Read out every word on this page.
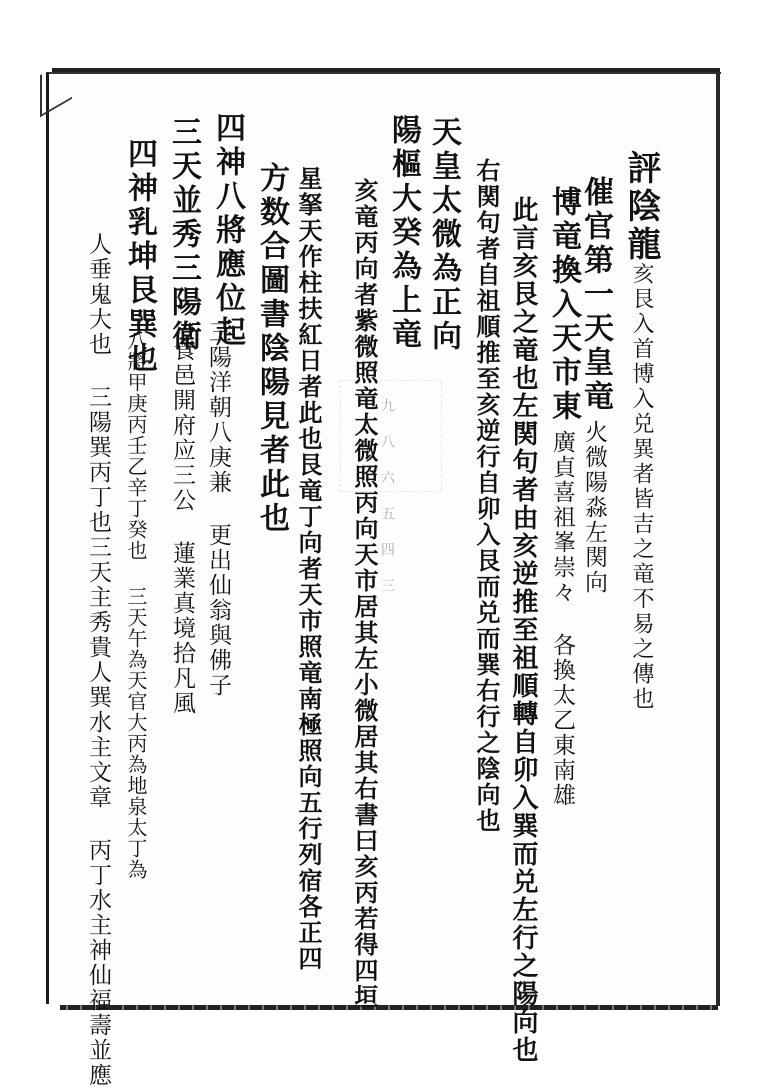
評陰龍
亥艮入首博入兑異者皆吉之竜不易之傳也
催官第一天皇竜
火微陽淼左関向
博竜換入天市東
廣貞喜祖峯崇々 各換太乙東南雄
此言亥艮之竜也左関句者由亥逆推至祖順轉自卯入巽而兑左行之陽向也
右関句者自祖順推至亥逆行自卯入艮而兑而巽右行之陰向也
天皇太微為正向
陽樞大癸為上竜
亥竜丙向者紫微照竜太微照丙向天市居其左小微居其右書曰亥丙若得四垣
星拏天作柱扶紅日者此也艮竜丁向者天市照竜南極照向五行列宿各正四
方数合圖書陰陽見者此也
四神八將應位起
三陽洋朝八庚兼 更出仙翁與佛子
三天並秀三陽衛
食邑開府应三公 蓮業真境拾凡風
四神乳坤艮巽也
八將甲庚丙壬乙辛丁癸也 三天午為天官大丙為地泉太丁為
人垂鬼大也 三陽巽丙丁也三天主秀貴人巽水主文章 丙丁水主神仙福壽並應	九 八 六 五 四 三
